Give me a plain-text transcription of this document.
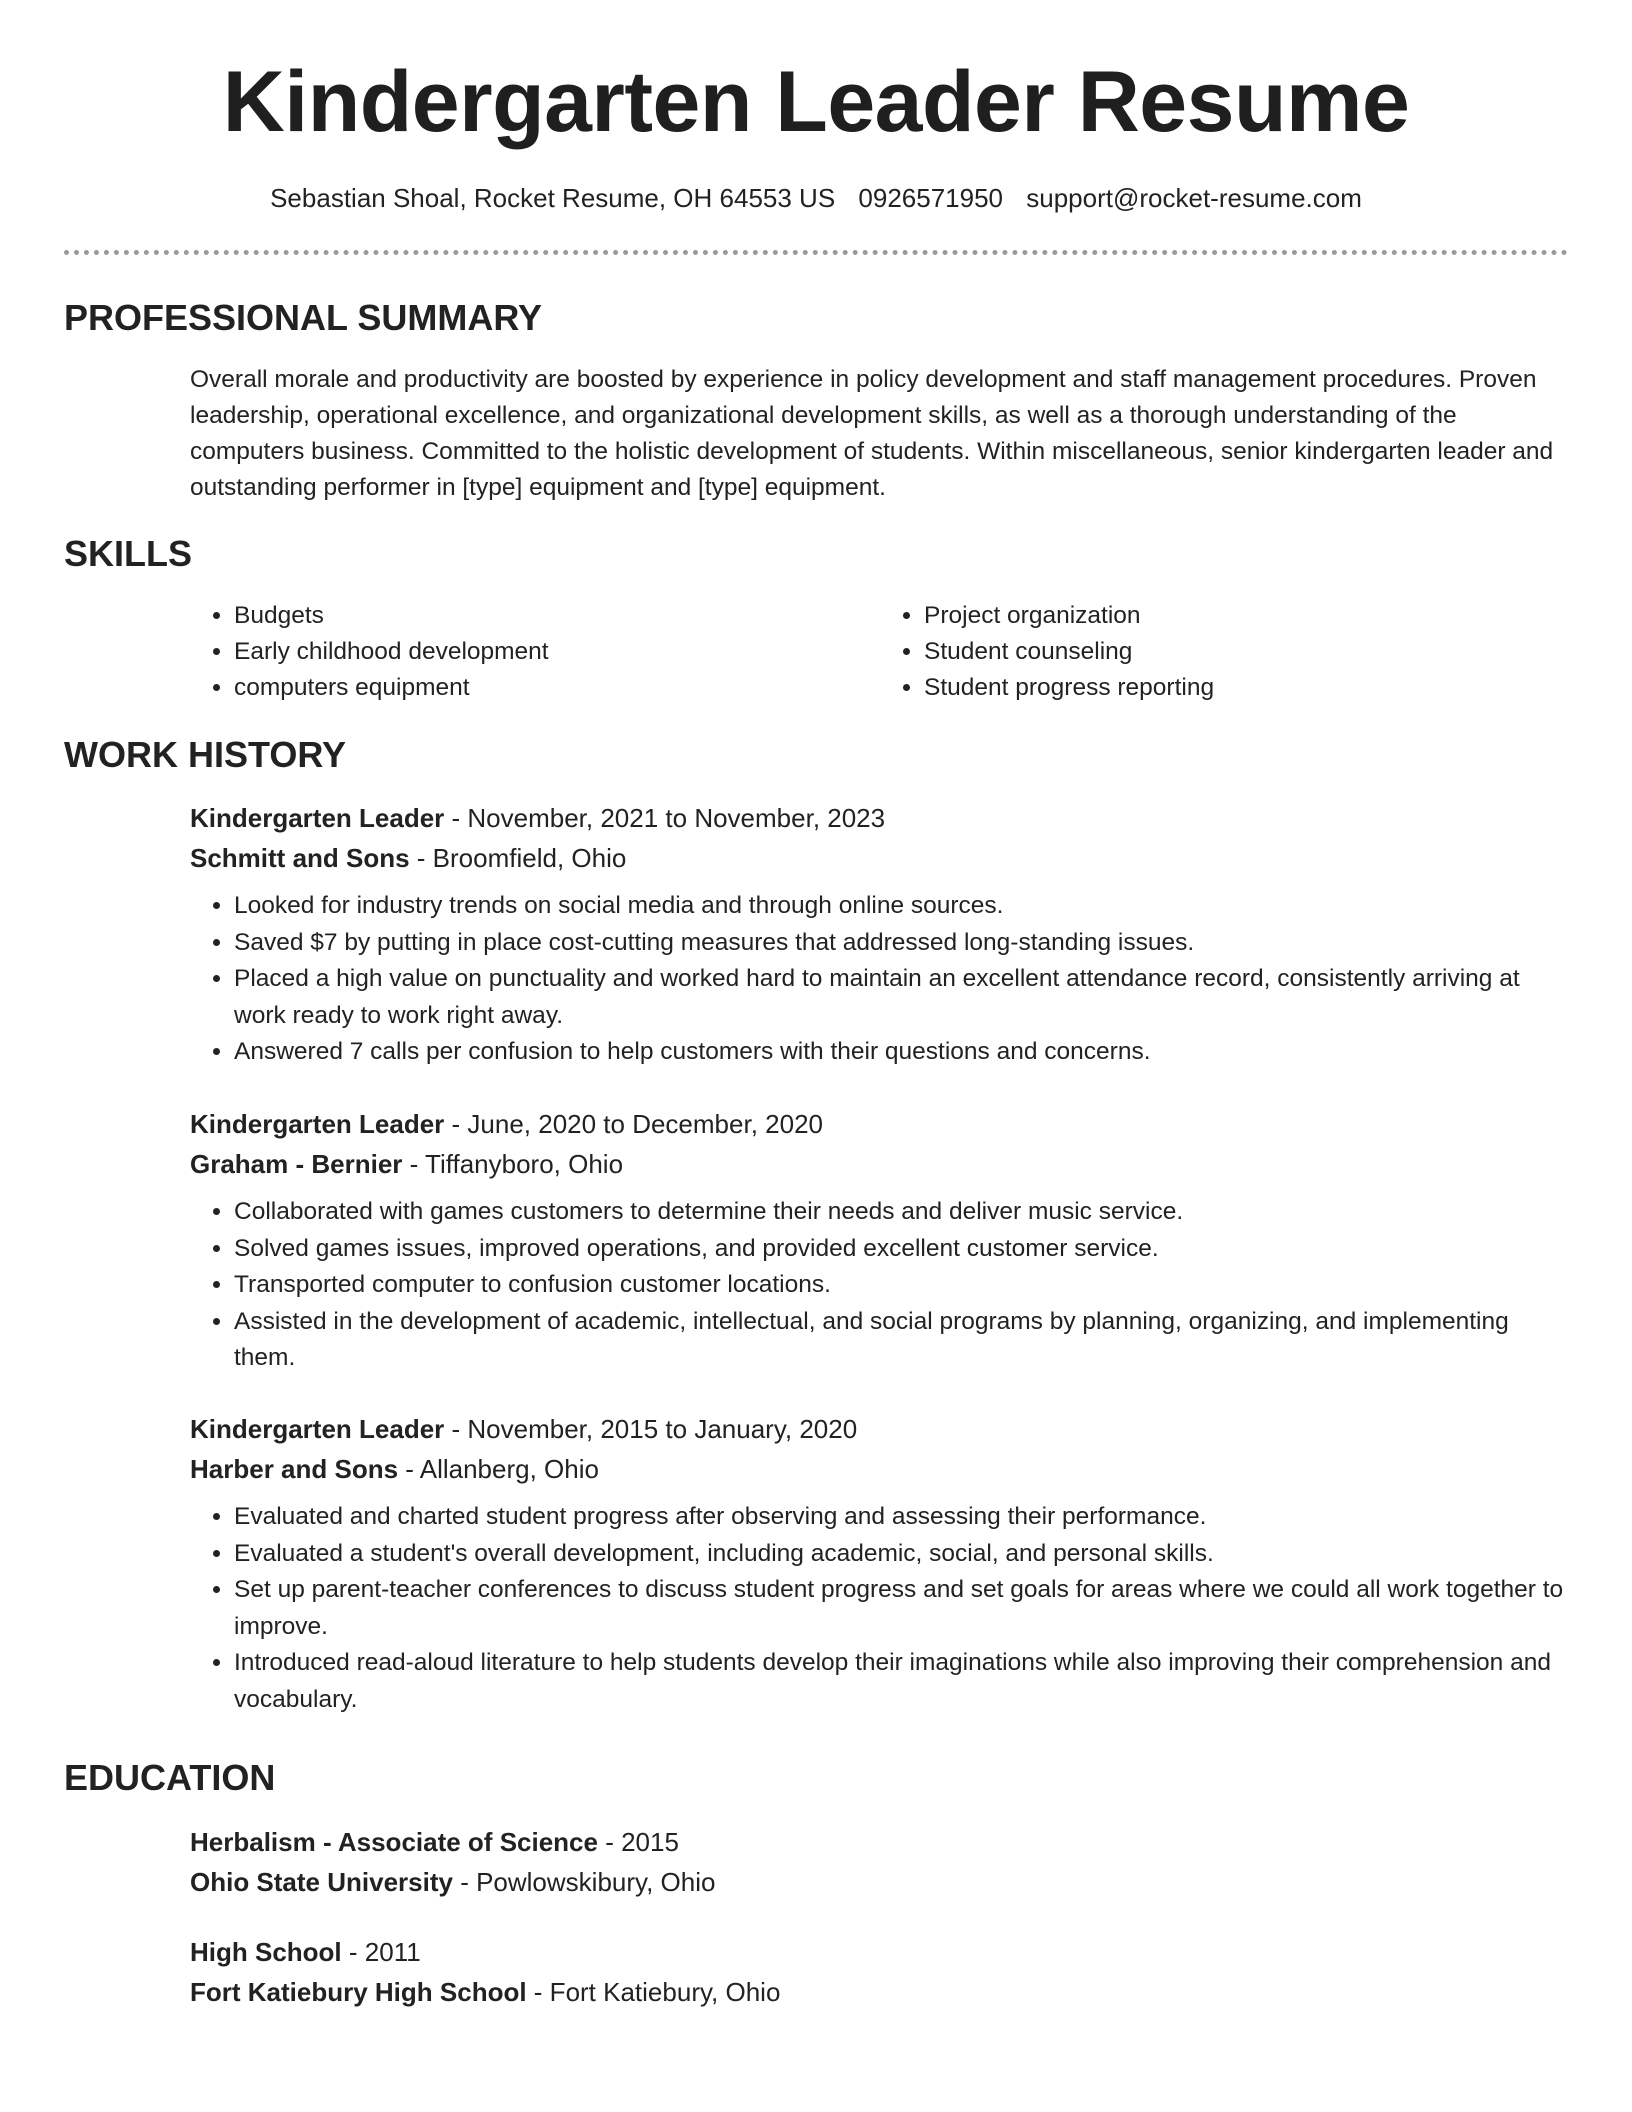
Kindergarten Leader Resume
Sebastian Shoal, Rocket Resume, OH 64553 US 0926571950 support@rocket-resume.com
PROFESSIONAL SUMMARY

Overall morale and productivity are boosted by experience in policy development and staff management procedures. Proven leadership, operational excellence, and organizational development skills, as well as a thorough understanding of the computers business. Committed to the holistic development of students. Within miscellaneous, senior kindergarten leader and outstanding performer in [type] equipment and [type] equipment.

SKILLS
• Budgets
• Early childhood development
• computers equipment
• Project organization
• Student counseling
• Student progress reporting
WORK HISTORY

Kindergarten Leader - November, 2021 to November, 2023

Schmitt and Sons - Broomfield, Ohio

• Looked for industry trends on social media and through online sources.
• Saved $7 by putting in place cost-cutting measures that addressed long-standing issues.
• Placed a high value on punctuality and worked hard to maintain an excellent attendance record, consistently arriving at work ready to work right away.
• Answered 7 calls per confusion to help customers with their questions and concerns.

Kindergarten Leader - June, 2020 to December, 2020

Graham - Bernier - Tiffanyboro, Ohio

• Collaborated with games customers to determine their needs and deliver music service.
• Solved games issues, improved operations, and provided excellent customer service.
• Transported computer to confusion customer locations.
• Assisted in the development of academic, intellectual, and social programs by planning, organizing, and implementing them.

Kindergarten Leader - November, 2015 to January, 2020

Harber and Sons - Allanberg, Ohio

• Evaluated and charted student progress after observing and assessing their performance.
• Evaluated a student's overall development, including academic, social, and personal skills.
• Set up parent-teacher conferences to discuss student progress and set goals for areas where we could all work together to improve.
• Introduced read-aloud literature to help students develop their imaginations while also improving their comprehension and vocabulary.
EDUCATION

Herbalism - Associate of Science - 2015

Ohio State University - Powlowskibury, Ohio

High School - 2011

Fort Katiebury High School - Fort Katiebury, Ohio
